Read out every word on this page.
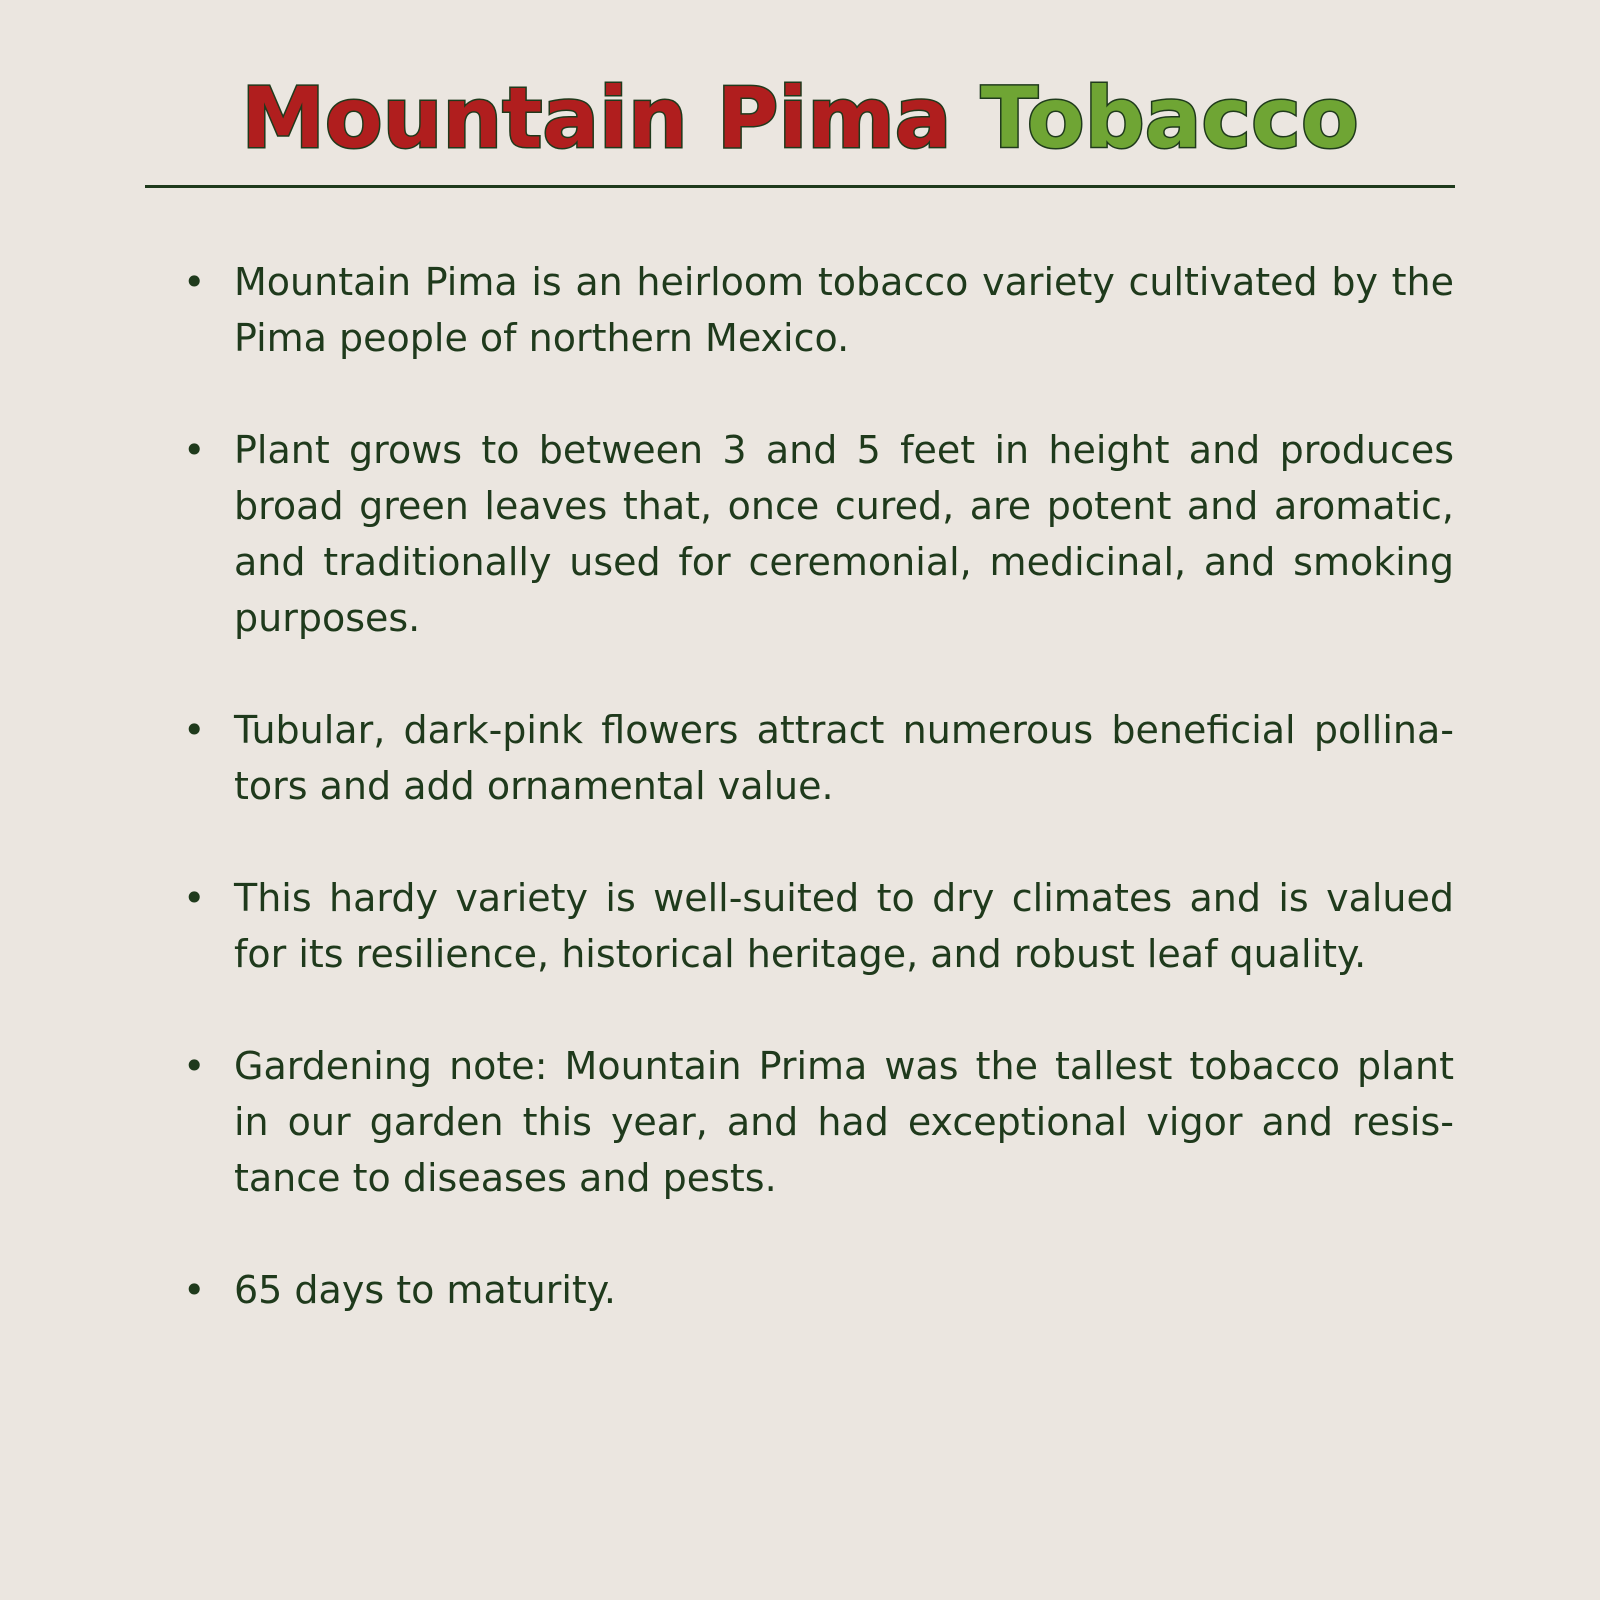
Mountain Pima Tobacco
• Mountain Pima is an heirloom tobacco variety cultivated by the Pima people of northern Mexico.
• Plant grows to between 3 and 5 feet in height and produces broad green leaves that, once cured, are potent and aromatic, and traditionally used for ceremonial, medicinal, and smoking purposes.
• Tubular, dark-pink flowers attract numerous beneficial pollinators and add ornamental value.
• This hardy variety is well-suited to dry climates and is valued for its resilience, historical heritage, and robust leaf quality.
• Gardening note: Mountain Prima was the tallest tobacco plant in our garden this year, and had exceptional vigor and resistance to diseases and pests.
• 65 days to maturity.
